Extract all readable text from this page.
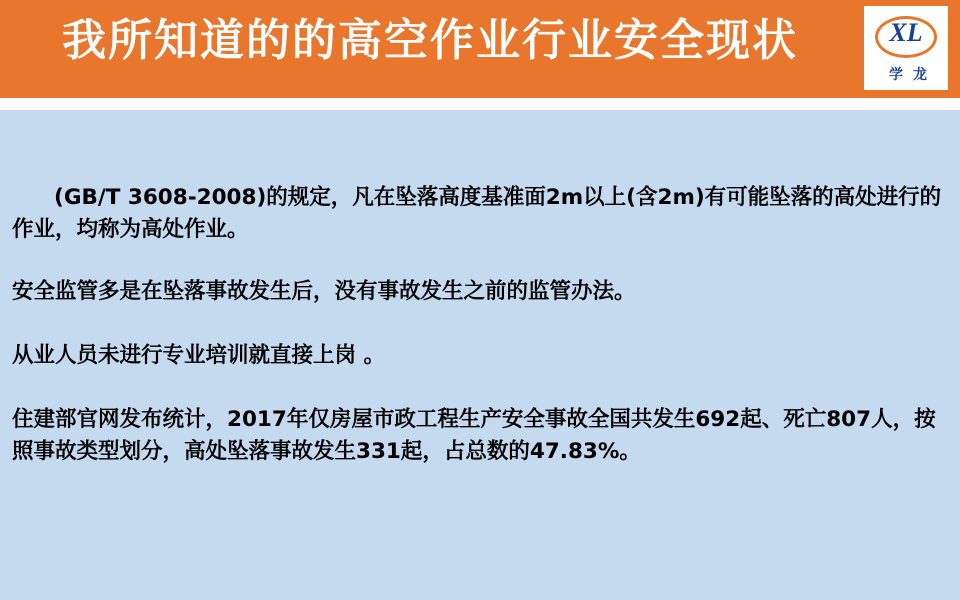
我所知道的的高空作业行业安全现状	XL
学龙

(GB/T 3608-2008)的规定，凡在坠落高度基准面2m以上(含2m)有可能坠落的高处进行的作业，均称为高处作业。

安全监管多是在坠落事故发生后，没有事故发生之前的监管办法。

从业人员未进行专业培训就直接上岗 。

住建部官网发布统计，2017年仅房屋市政工程生产安全事故全国共发生692起、死亡807人，按照事故类型划分，高处坠落事故发生331起，占总数的47.83%。
